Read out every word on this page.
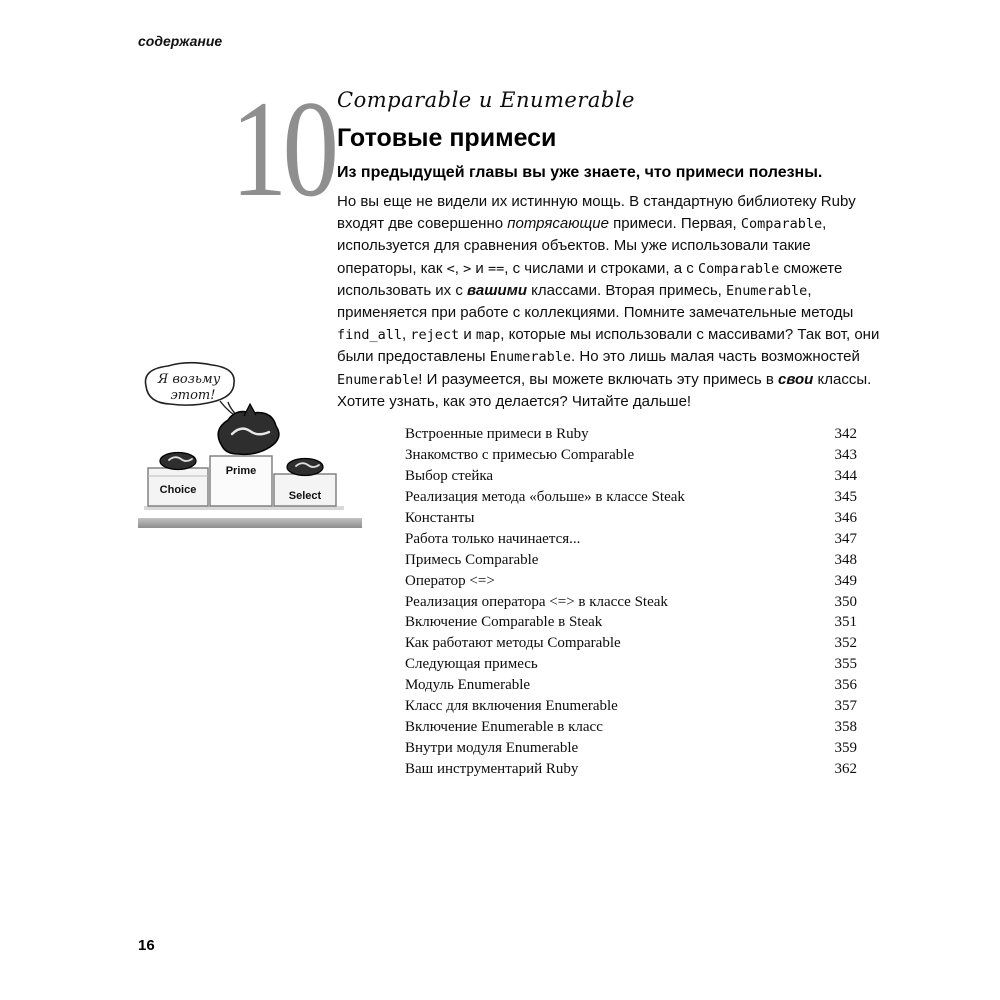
содержание
10 Comparable и Enumerable
Готовые примеси

Из предыдущей главы вы уже знаете, что примеси полезны.

Но вы еще не видели их истинную мощь. В стандартную библиотеку Ruby входят две совершенно потрясающие примеси. Первая, Comparable, используется для сравнения объектов. Мы уже использовали такие операторы, как <, > и ==, с числами и строками, а с Comparable сможете использовать их с вашими классами. Вторая примесь, Enumerable, применяется при работе с коллекциями. Помните замечательные методы find_all, reject и map, которые мы использовали с массивами? Так вот, они были предоставлены Enumerable. Но это лишь малая часть возможностей Enumerable! И разумеется, вы можете включать эту примесь в свои классы. Хотите узнать, как это делается? Читайте дальше!

Я возьму
этот!
Choice
Prime
Select
Встроенные примеси в Ruby	342
Знакомство с примесью Comparable	343
Выбор стейка	344
Реализация метода «больше» в классе Steak	345
Константы	346
Работа только начинается...	347
Примесь Comparable	348
Оператор <=>	349
Реализация оператора <=> в классе Steak	350
Включение Comparable в Steak	351
Как работают методы Comparable	352
Следующая примесь	355
Модуль Enumerable	356
Класс для включения Enumerable	357
Включение Enumerable в класс	358
Внутри модуля Enumerable	359
Ваш инструментарий Ruby	362
16
